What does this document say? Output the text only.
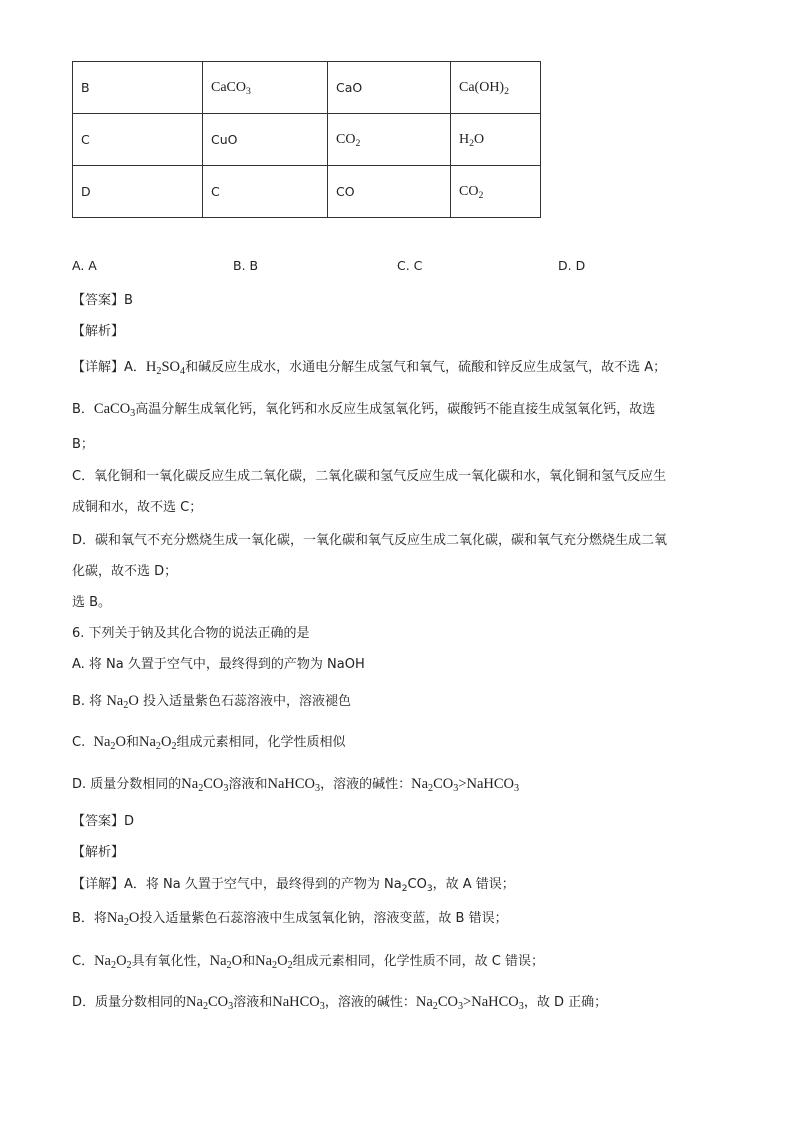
B	CaCO$_3$	CaO	$Ca(OH)_2$
C	CuO	$CO_2$	$H_2O$
D	C	CO	$CO_2$
A. A	B. B	C. C	D. D
【答案】B
【解析】
【详解】A．$H_2SO_4$和碱反应生成水，水通电分解生成氢气和氧气，硫酸和锌反应生成氢气，故不选 A；
B．CaCO$_3$高温分解生成氧化钙，氧化钙和水反应生成氢氧化钙，碳酸钙不能直接生成氢氧化钙，故选
B；
C．氧化铜和一氧化碳反应生成二氧化碳，二氧化碳和氢气反应生成一氧化碳和水，氧化铜和氢气反应生
成铜和水，故不选 C；
D．碳和氧气不充分燃烧生成一氧化碳，一氧化碳和氧气反应生成二氧化碳，碳和氧气充分燃烧生成二氧
化碳，故不选 D；
选 B。
6. 下列关于钠及其化合物的说法正确的是
A. 将 Na 久置于空气中，最终得到的产物为 NaOH
B. 将 $Na_2O$ 投入适量紫色石蕊溶液中，溶液褪色
C. $Na_2O$和$Na_2O_2$组成元素相同，化学性质相似
D. 质量分数相同的$Na_2CO_3$溶液和NaHCO$_3$，溶液的碱性：$Na_2CO_3>NaHCO_3$
【答案】D
【解析】
【详解】A．将 Na 久置于空气中，最终得到的产物为 $Na_2CO_3$，故 A 错误；
B．将$Na_2O$投入适量紫色石蕊溶液中生成氢氧化钠，溶液变蓝，故 B 错误；
C．$Na_2O_2$具有氧化性，$Na_2O$和$Na_2O_2$组成元素相同，化学性质不同，故 C 错误；
D．质量分数相同的$Na_2CO_3$溶液和NaHCO$_3$，溶液的碱性：$Na_2CO_3>NaHCO_3$，故 D 正确；
